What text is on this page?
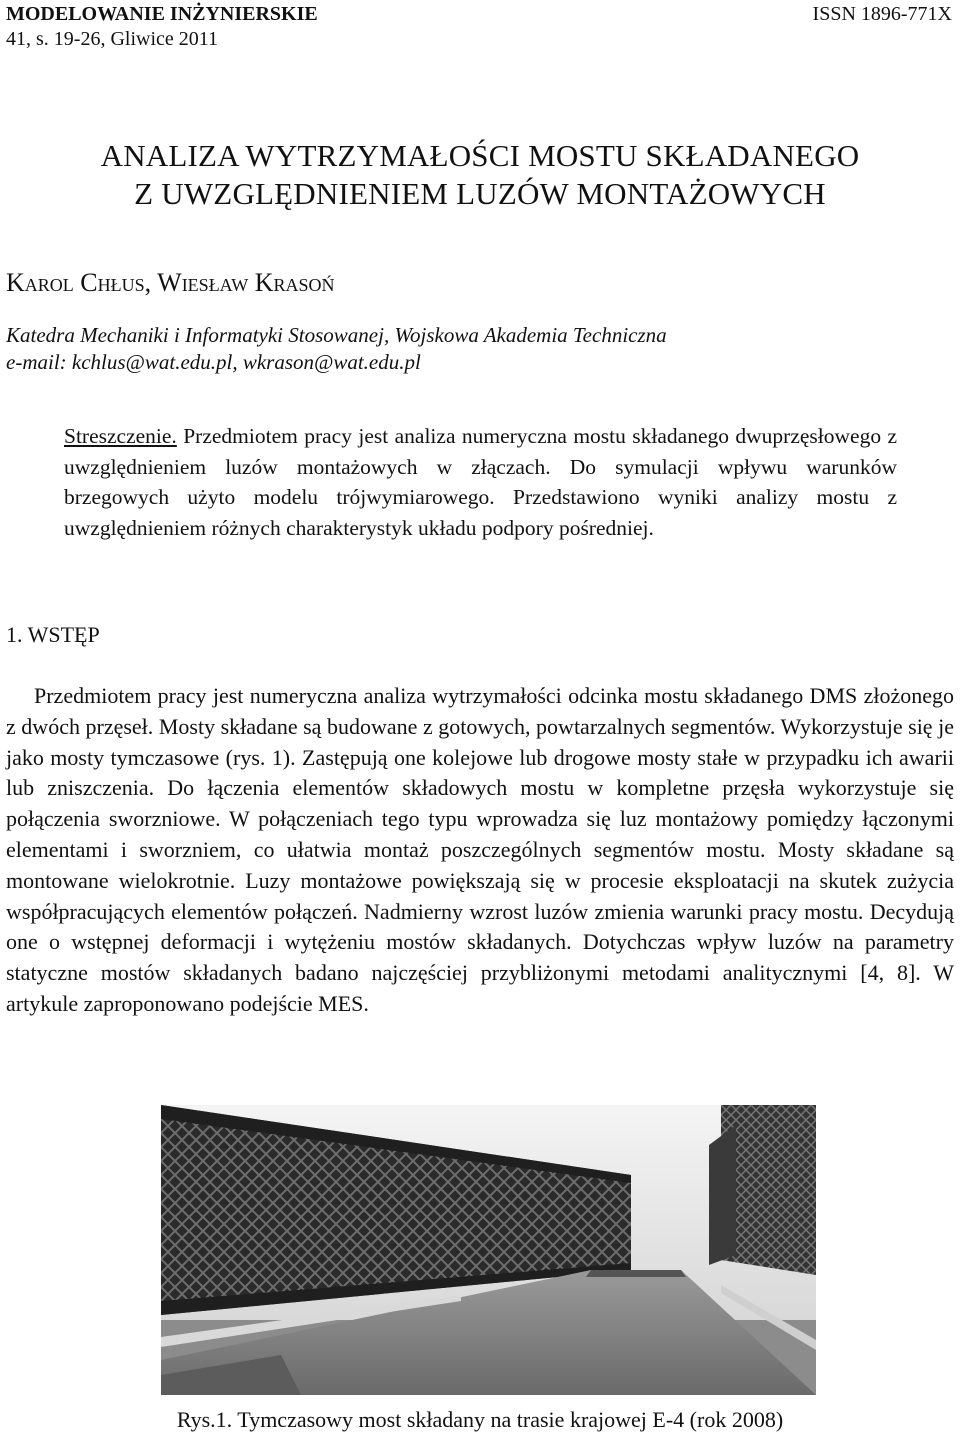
MODELOWANIE INŻYNIERSKIE
41, s. 19-26, Gliwice 2011
ISSN 1896-771X
ANALIZA WYTRZYMAŁOŚCI MOSTU SKŁADANEGO
Z UWZGLĘDNIENIEM LUZÓW MONTAŻOWYCH
Karol Chłus, Wiesław Krasoń
Katedra Mechaniki i Informatyki Stosowanej, Wojskowa Akademia Techniczna
e-mail: kchlus@wat.edu.pl, wkrason@wat.edu.pl
Streszczenie. Przedmiotem pracy jest analiza numeryczna mostu składanego dwuprzęsłowego z uwzględnieniem luzów montażowych w złączach. Do symulacji wpływu warunków brzegowych użyto modelu trójwymiarowego. Przedstawiono wyniki analizy mostu z uwzględnieniem różnych charakterystyk układu podpory pośredniej.
1. WSTĘP

Przedmiotem pracy jest numeryczna analiza wytrzymałości odcinka mostu składanego DMS złożonego z dwóch przęseł. Mosty składane są budowane z gotowych, powtarzalnych segmentów. Wykorzystuje się je jako mosty tymczasowe (rys. 1). Zastępują one kolejowe lub drogowe mosty stałe w przypadku ich awarii lub zniszczenia. Do łączenia elementów składowych mostu w kompletne przęsła wykorzystuje się połączenia sworzniowe. W połączeniach tego typu wprowadza się luz montażowy pomiędzy łączonymi elementami i sworzniem, co ułatwia montaż poszczególnych segmentów mostu. Mosty składane są montowane wielokrotnie. Luzy montażowe powiększają się w procesie eksploatacji na skutek zużycia współpracujących elementów połączeń. Nadmierny wzrost luzów zmienia warunki pracy mostu. Decydują one o wstępnej deformacji i wytężeniu mostów składanych. Dotychczas wpływ luzów na parametry statyczne mostów składanych badano najczęściej przybliżonymi metodami analitycznymi [4, 8]. W artykule zaproponowano podejście MES.

Rys.1. Tymczasowy most składany na trasie krajowej E-4 (rok 2008)
